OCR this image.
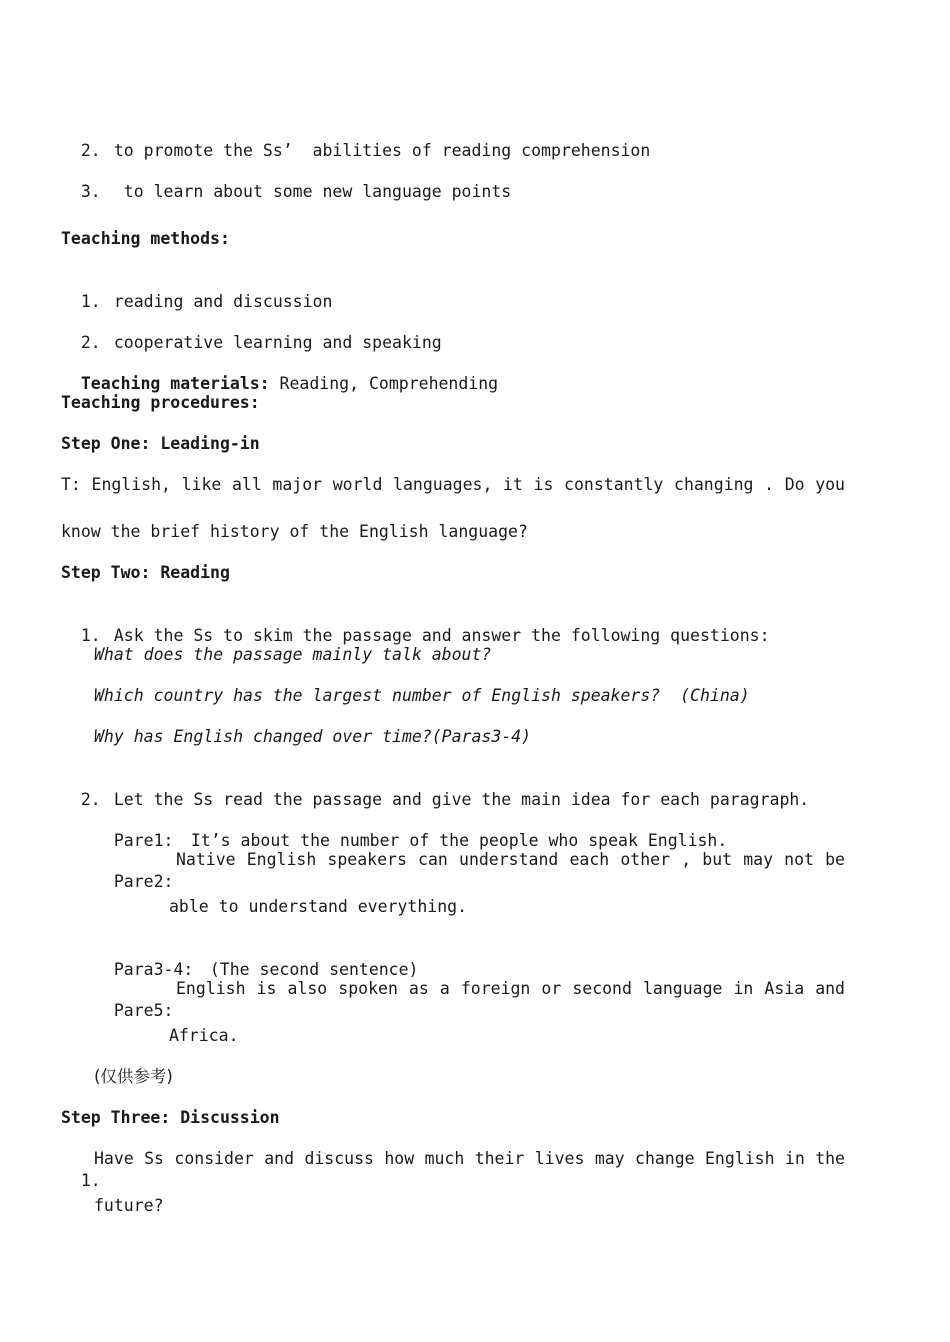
2. to promote the Ss’  abilities of reading comprehension

3. to learn about some new language points

Teaching methods:

1. reading and discussion

2. cooperative learning and speaking

Teaching materials: Reading, Comprehending

Teaching procedures:
Step One: Leading-in
T: English, like all major world languages, it is constantly changing . Do you
know the brief history of the English language?
Step Two: Reading

1. Ask the Ss to skim the passage and answer the following questions:

What does the passage mainly talk about?
Which country has the largest number of English speakers?  (China)
Why has English changed over time?(Paras3-4)

2. Let the Ss read the passage and give the main idea for each paragraph.

Pare1: It’s about the number of the people who speak English.

Pare2:

Native English speakers can understand each other , but may not be
able to understand everything.

Para3-4: (The second sentence)

Pare5:

English is also spoken as a foreign or second language in Asia and
Africa.
(仅供参考)
Step Three: Discussion

1.

Have Ss consider and discuss how much their lives may change English in the
future?
